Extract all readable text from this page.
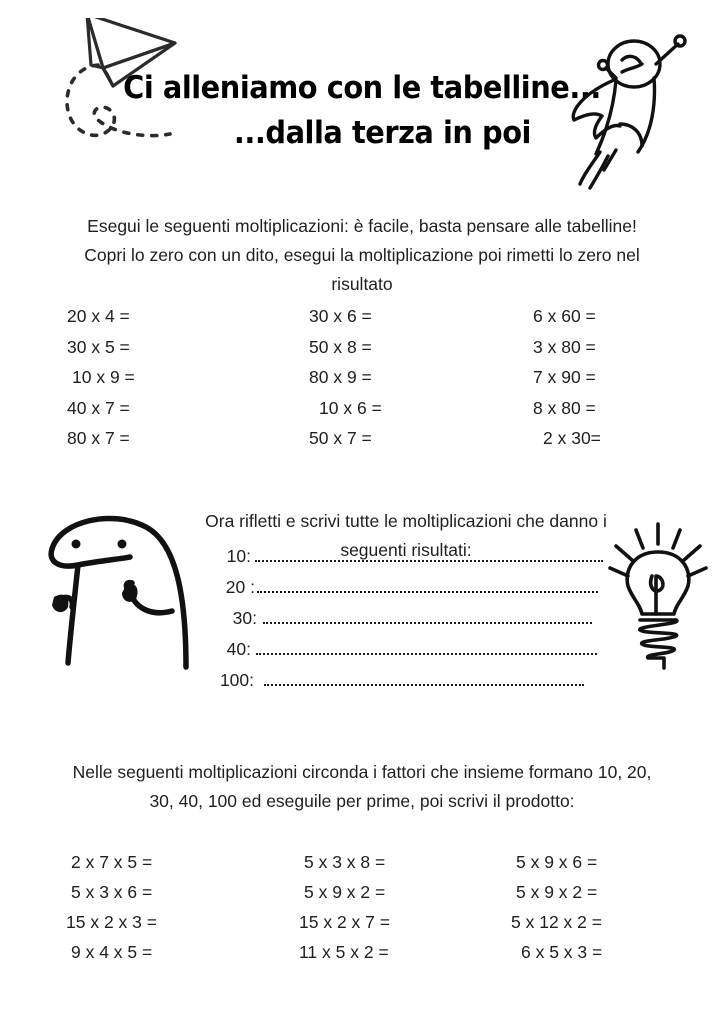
Ci alleniamo con le tabelline...
...dalla terza in poi

Esegui le seguenti moltiplicazioni: è facile, basta pensare alle tabelline! Copri lo zero con un dito, esegui la moltiplicazione poi rimetti lo zero nel risultato

20 x 4 =
30 x 5 =
10 x 9 =
40 x 7 =
80 x 7 =
30 x 6 =
50 x 8 =
80 x 9 =
10 x 6 =
50 x 7 =
6 x 60 =
3 x 80 =
7 x 90 =
8 x 80 =
2 x 30=

Ora rifletti e scrivi tutte le moltiplicazioni che danno i seguenti risultati:

10:
20 :
30:
40:
100:

Nelle seguenti moltiplicazioni circonda i fattori che insieme formano 10, 20, 30, 40, 100 ed eseguile per prime, poi scrivi il prodotto:

2 x 7 x 5 =
5 x 3 x 6 =
15 x 2 x 3 =
9 x 4 x 5 =
5 x 3 x 8 =
5 x 9 x 2 =
15 x 2 x 7 =
11 x 5 x 2 =
5 x 9 x 6 =
5 x 9 x 2 =
5 x 12 x 2 =
6 x 5 x 3 =
